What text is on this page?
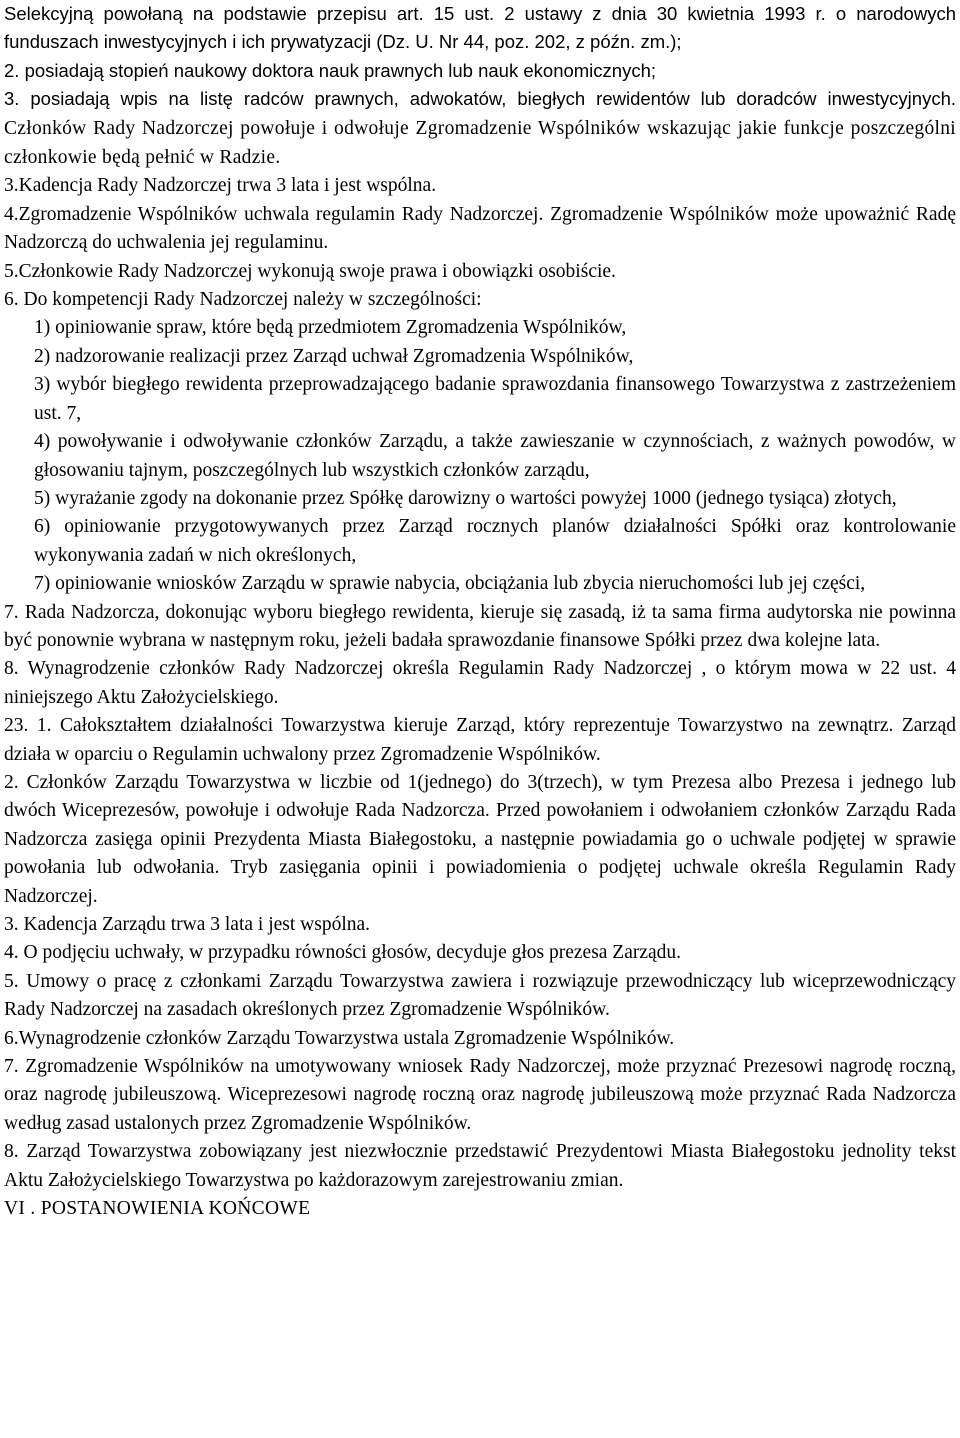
Selekcyjną powołaną na podstawie przepisu art. 15 ust. 2 ustawy z dnia 30 kwietnia 1993 r. o narodowych funduszach inwestycyjnych i ich prywatyzacji (Dz. U. Nr 44, poz. 202, z późn. zm.);

2. posiadają stopień naukowy doktora nauk prawnych lub nauk ekonomicznych;

3. posiadają wpis na listę radców prawnych, adwokatów, biegłych rewidentów lub doradców inwestycyjnych. Członków Rady Nadzorczej powołuje i odwołuje Zgromadzenie Wspólników wskazując jakie funkcje poszczególni członkowie będą pełnić w Radzie.

3.Kadencja Rady Nadzorczej trwa 3 lata i jest wspólna.

4.Zgromadzenie Wspólników uchwala regulamin Rady Nadzorczej. Zgromadzenie Wspólników może upoważnić Radę Nadzorczą do uchwalenia jej regulaminu.

5.Członkowie Rady Nadzorczej wykonują swoje prawa i obowiązki osobiście.

6. Do kompetencji Rady Nadzorczej należy w szczególności:

1) opiniowanie spraw, które będą przedmiotem Zgromadzenia Wspólników,

2) nadzorowanie realizacji przez Zarząd uchwał Zgromadzenia Wspólników,

3) wybór biegłego rewidenta przeprowadzającego badanie sprawozdania finansowego Towarzystwa z zastrzeżeniem ust. 7,

4) powoływanie i odwoływanie członków Zarządu, a także zawieszanie w czynnościach, z ważnych powodów, w głosowaniu tajnym, poszczególnych lub wszystkich członków zarządu,

5) wyrażanie zgody na dokonanie przez Spółkę darowizny o wartości powyżej 1000 (jednego tysiąca) złotych,

6) opiniowanie przygotowywanych przez Zarząd rocznych planów działalności Spółki oraz kontrolowanie wykonywania zadań w nich określonych,

7) opiniowanie wniosków Zarządu w sprawie nabycia, obciążania lub zbycia nieruchomości lub jej części,

7. Rada Nadzorcza, dokonując wyboru biegłego rewidenta, kieruje się zasadą, iż ta sama firma audytorska nie powinna być ponownie wybrana w następnym roku, jeżeli badała sprawozdanie finansowe Spółki przez dwa kolejne lata.

8. Wynagrodzenie członków Rady Nadzorczej określa Regulamin Rady Nadzorczej , o którym mowa w 22 ust. 4 niniejszego Aktu Założycielskiego.

23. 1. Całokształtem działalności Towarzystwa kieruje Zarząd, który reprezentuje Towarzystwo na zewnątrz. Zarząd działa w oparciu o Regulamin uchwalony przez Zgromadzenie Wspólników.

2. Członków Zarządu Towarzystwa w liczbie od 1(jednego) do 3(trzech), w tym Prezesa albo Prezesa i jednego lub dwóch Wiceprezesów, powołuje i odwołuje Rada Nadzorcza. Przed powołaniem i odwołaniem członków Zarządu Rada Nadzorcza zasięga opinii Prezydenta Miasta Białegostoku, a następnie powiadamia go o uchwale podjętej w sprawie powołania lub odwołania. Tryb zasięgania opinii i powiadomienia o podjętej uchwale określa Regulamin Rady Nadzorczej.

3. Kadencja Zarządu trwa 3 lata i jest wspólna.

4. O podjęciu uchwały, w przypadku równości głosów, decyduje głos prezesa Zarządu.

5. Umowy o pracę z członkami Zarządu Towarzystwa zawiera i rozwiązuje przewodniczący lub wiceprzewodniczący Rady Nadzorczej na zasadach określonych przez Zgromadzenie Wspólników.

6.Wynagrodzenie członków Zarządu Towarzystwa ustala Zgromadzenie Wspólników.

7. Zgromadzenie Wspólników na umotywowany wniosek Rady Nadzorczej, może przyznać Prezesowi nagrodę roczną, oraz nagrodę jubileuszową. Wiceprezesowi nagrodę roczną oraz nagrodę jubileuszową może przyznać Rada Nadzorcza według zasad ustalonych przez Zgromadzenie Wspólników.

8. Zarząd Towarzystwa zobowiązany jest niezwłocznie przedstawić Prezydentowi Miasta Białegostoku jednolity tekst Aktu Założycielskiego Towarzystwa po każdorazowym zarejestrowaniu zmian.

VI . POSTANOWIENIA KOŃCOWE
